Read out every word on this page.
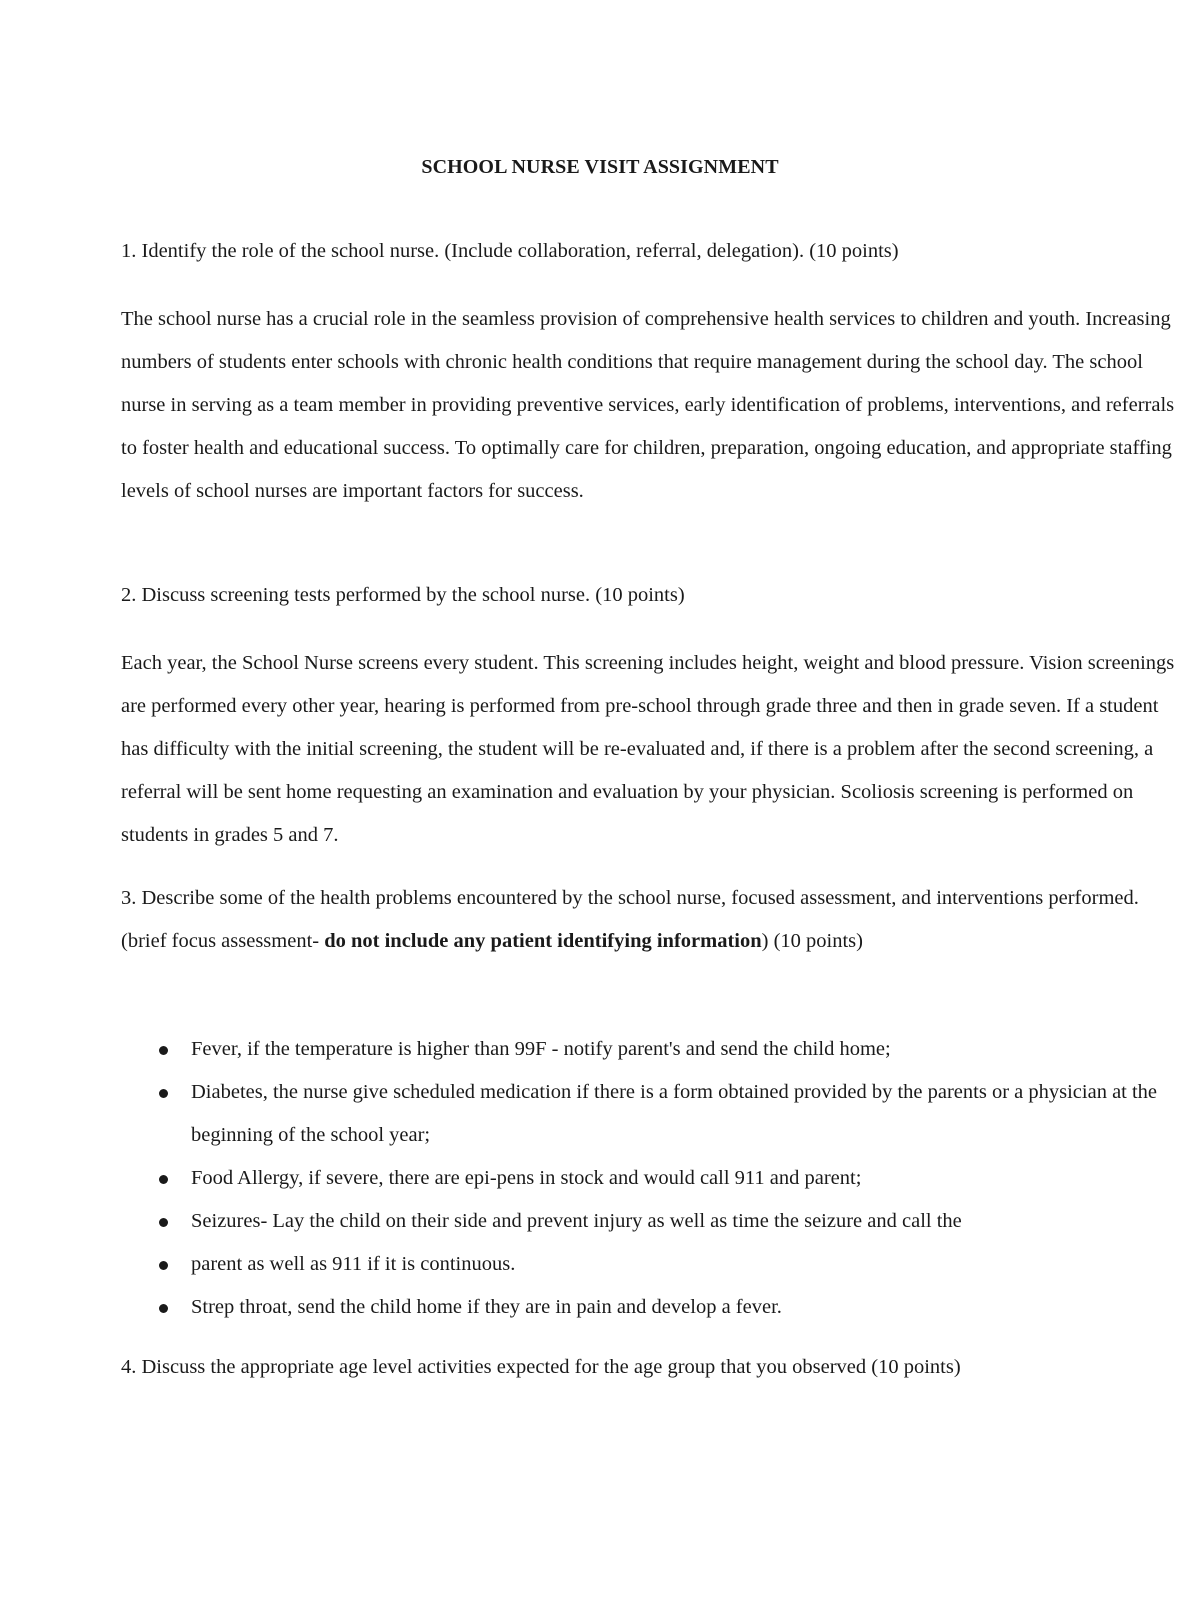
SCHOOL NURSE VISIT ASSIGNMENT

1. Identify the role of the school nurse. (Include collaboration, referral, delegation). (10 points)

The school nurse has a crucial role in the seamless provision of comprehensive health services to children and youth. Increasing numbers of students enter schools with chronic health conditions that require management during the school day. The school nurse in serving as a team member in providing preventive services, early identification of problems, interventions, and referrals to foster health and educational success. To optimally care for children, preparation, ongoing education, and appropriate staffing levels of school nurses are important factors for success.

2. Discuss screening tests performed by the school nurse. (10 points)

Each year, the School Nurse screens every student. This screening includes height, weight and blood pressure. Vision screenings are performed every other year, hearing is performed from pre-school through grade three and then in grade seven. If a student has difficulty with the initial screening, the student will be re-evaluated and, if there is a problem after the second screening, a referral will be sent home requesting an examination and evaluation by your physician. Scoliosis screening is performed on students in grades 5 and 7.

3. Describe some of the health problems encountered by the school nurse, focused assessment, and interventions performed. (brief focus assessment- do not include any patient identifying information) (10 points)

Fever, if the temperature is higher than 99F - notify parent's and send the child home;
Diabetes, the nurse give scheduled medication if there is a form obtained provided by the parents or a physician at the beginning of the school year;
Food Allergy, if severe, there are epi-pens in stock and would call 911 and parent;
Seizures- Lay the child on their side and prevent injury as well as time the seizure and call the
parent as well as 911 if it is continuous.
Strep throat, send the child home if they are in pain and develop a fever.

4. Discuss the appropriate age level activities expected for the age group that you observed (10 points)
